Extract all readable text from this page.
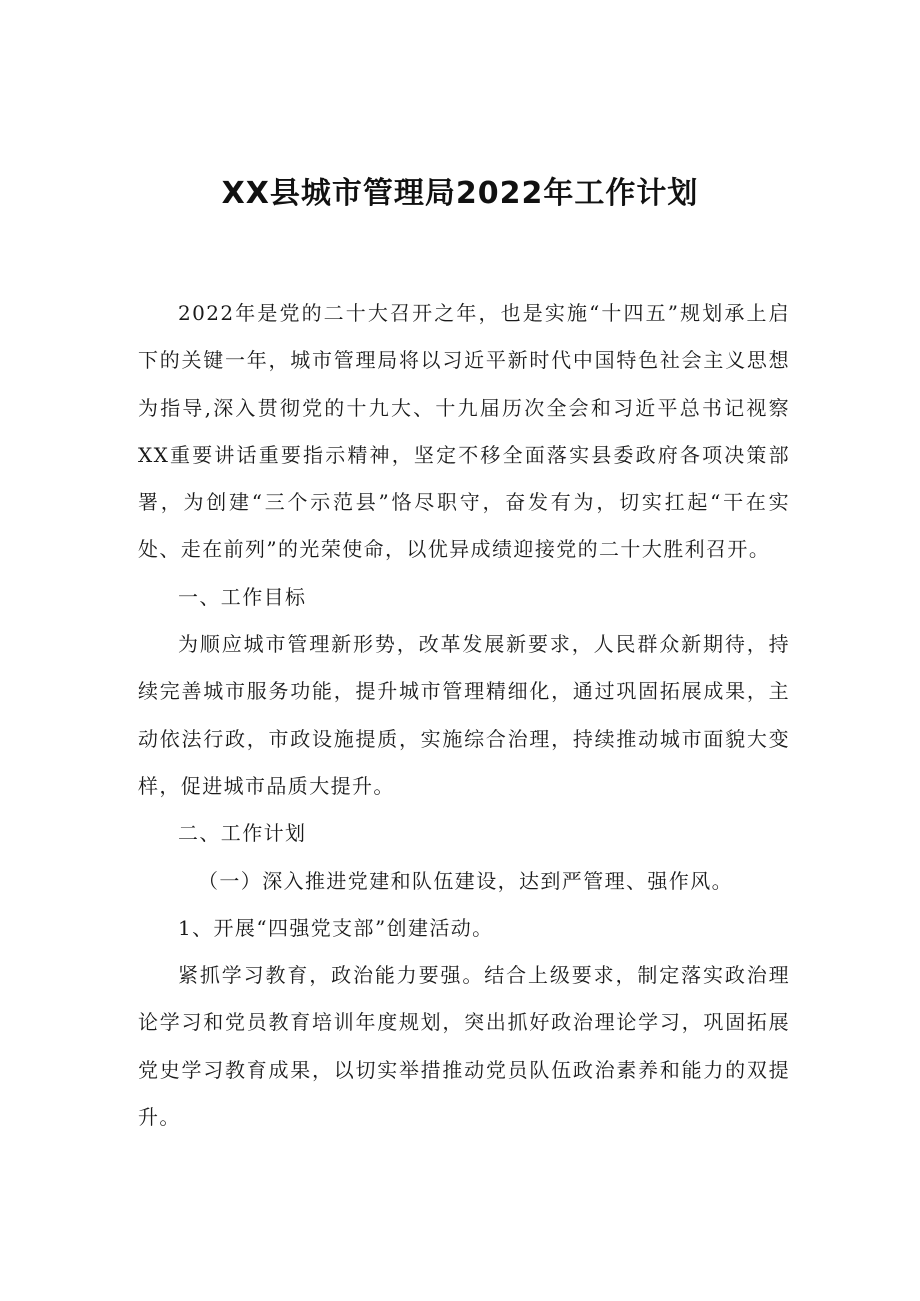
XX县城市管理局2022年工作计划

2022年是党的二十大召开之年，也是实施“十四五”规划承上启下的关键一年，城市管理局将以习近平新时代中国特色社会主义思想为指导,深入贯彻党的十九大、十九届历次全会和习近平总书记视察XX重要讲话重要指示精神，坚定不移全面落实县委政府各项决策部署，为创建“三个示范县”恪尽职守，奋发有为，切实扛起“干在实处、走在前列”的光荣使命，以优异成绩迎接党的二十大胜利召开。

一、工作目标

为顺应城市管理新形势，改革发展新要求，人民群众新期待，持续完善城市服务功能，提升城市管理精细化，通过巩固拓展成果，主动依法行政，市政设施提质，实施综合治理，持续推动城市面貌大变样，促进城市品质大提升。

二、工作计划

（一）深入推进党建和队伍建设，达到严管理、强作风。

1、开展“四强党支部”创建活动。

紧抓学习教育，政治能力要强。结合上级要求，制定落实政治理论学习和党员教育培训年度规划，突出抓好政治理论学习，巩固拓展党史学习教育成果，以切实举措推动党员队伍政治素养和能力的双提升。
